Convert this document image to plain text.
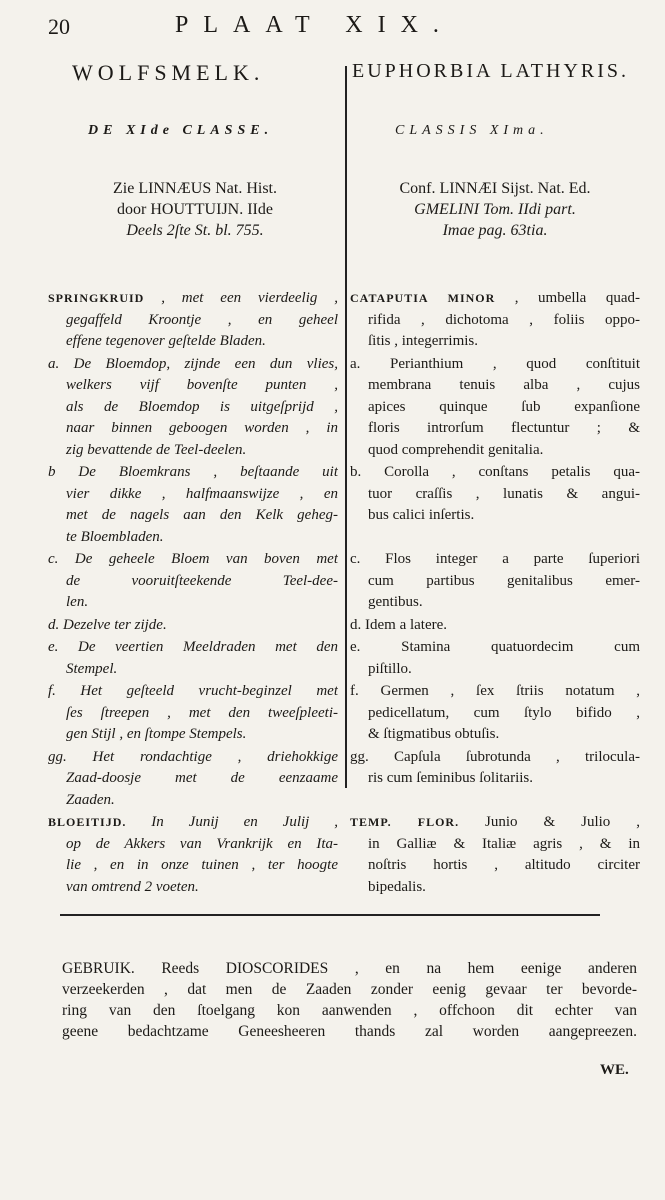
20	PLAAT XIX.
WOLFSMELK.	EUPHORBIA LATHYRIS.
DE XIde CLASSE.	CLASSIS XIma.
Zie LINNÆUS Nat. Hist.
door HOUTTUIJN. IIde
Deels 2ſte St. bl. 755.
Conf. LINNÆI Sijst. Nat. Ed.
GMELINI Tom. IIdi part.
Imae pag. 63tia.
SPRINGKRUID , met een vierdeelig ,
gegaffeld Kroontje , en geheel
effene tegenover geſtelde Bladen.
a. De Bloemdop, zijnde een dun vlies,
welkers vijf bovenſte punten ,
als de Bloemdop is uitgeſprijd ,
naar binnen geboogen worden , in
zig bevattende de Teel-deelen.
b De Bloemkrans , beſtaande uit
vier dikke , halfmaanswijze , en
met de nagels aan den Kelk geheg-
te Bloembladen.
c. De geheele Bloem van boven met
de vooruitſteekende Teel-dee-
len.
d. Dezelve ter zijde.
e. De veertien Meeldraden met den
Stempel.
f. Het geſteeld vrucht-beginzel met
ſes ſtreepen , met den tweeſpleeti-
gen Stijl , en ſtompe Stempels.
gg. Het rondachtige , driehokkige
Zaad-doosje met de eenzaame
Zaaden.
BLOEITIJD. In Junij en Julij ,
op de Akkers van Vrankrijk en Ita-
lie , en in onze tuinen , ter hoogte
van omtrend 2 voeten.
CATAPUTIA MINOR , umbella quad-
rifida , dichotoma , foliis oppo-
ſitis , integerrimis.
a. Perianthium , quod conſtituit
membrana tenuis alba , cujus
apices quinque ſub expanſione
floris introrſum flectuntur ; &
quod comprehendit genitalia.
b. Corolla , conſtans petalis qua-
tuor craſſis , lunatis & angui-
bus calici inſertis.
c. Flos integer a parte ſuperiori
cum partibus genitalibus emer-
gentibus.
d. Idem a latere.
e. Stamina quatuordecim cum
piſtillo.
f. Germen , ſex ſtriis notatum ,
pedicellatum, cum ſtylo bifido ,
& ſtigmatibus obtuſis.
gg. Capſula ſubrotunda , trilocula-
ris cum ſeminibus ſolitariis.
TEMP. FLOR. Junio & Julio ,
in Galliæ & Italiæ agris , & in
noſtris hortis , altitudo circiter
bipedalis.
GEBRUIK. Reeds DIOSCORIDES , en na hem eenige anderen
verzeekerden , dat men de Zaaden zonder eenig gevaar ter bevorde-
ring van den ſtoelgang kon aanwenden , offchoon dit echter van
geene bedachtzame Geneesheeren thands zal worden aangepreezen.
WE.
